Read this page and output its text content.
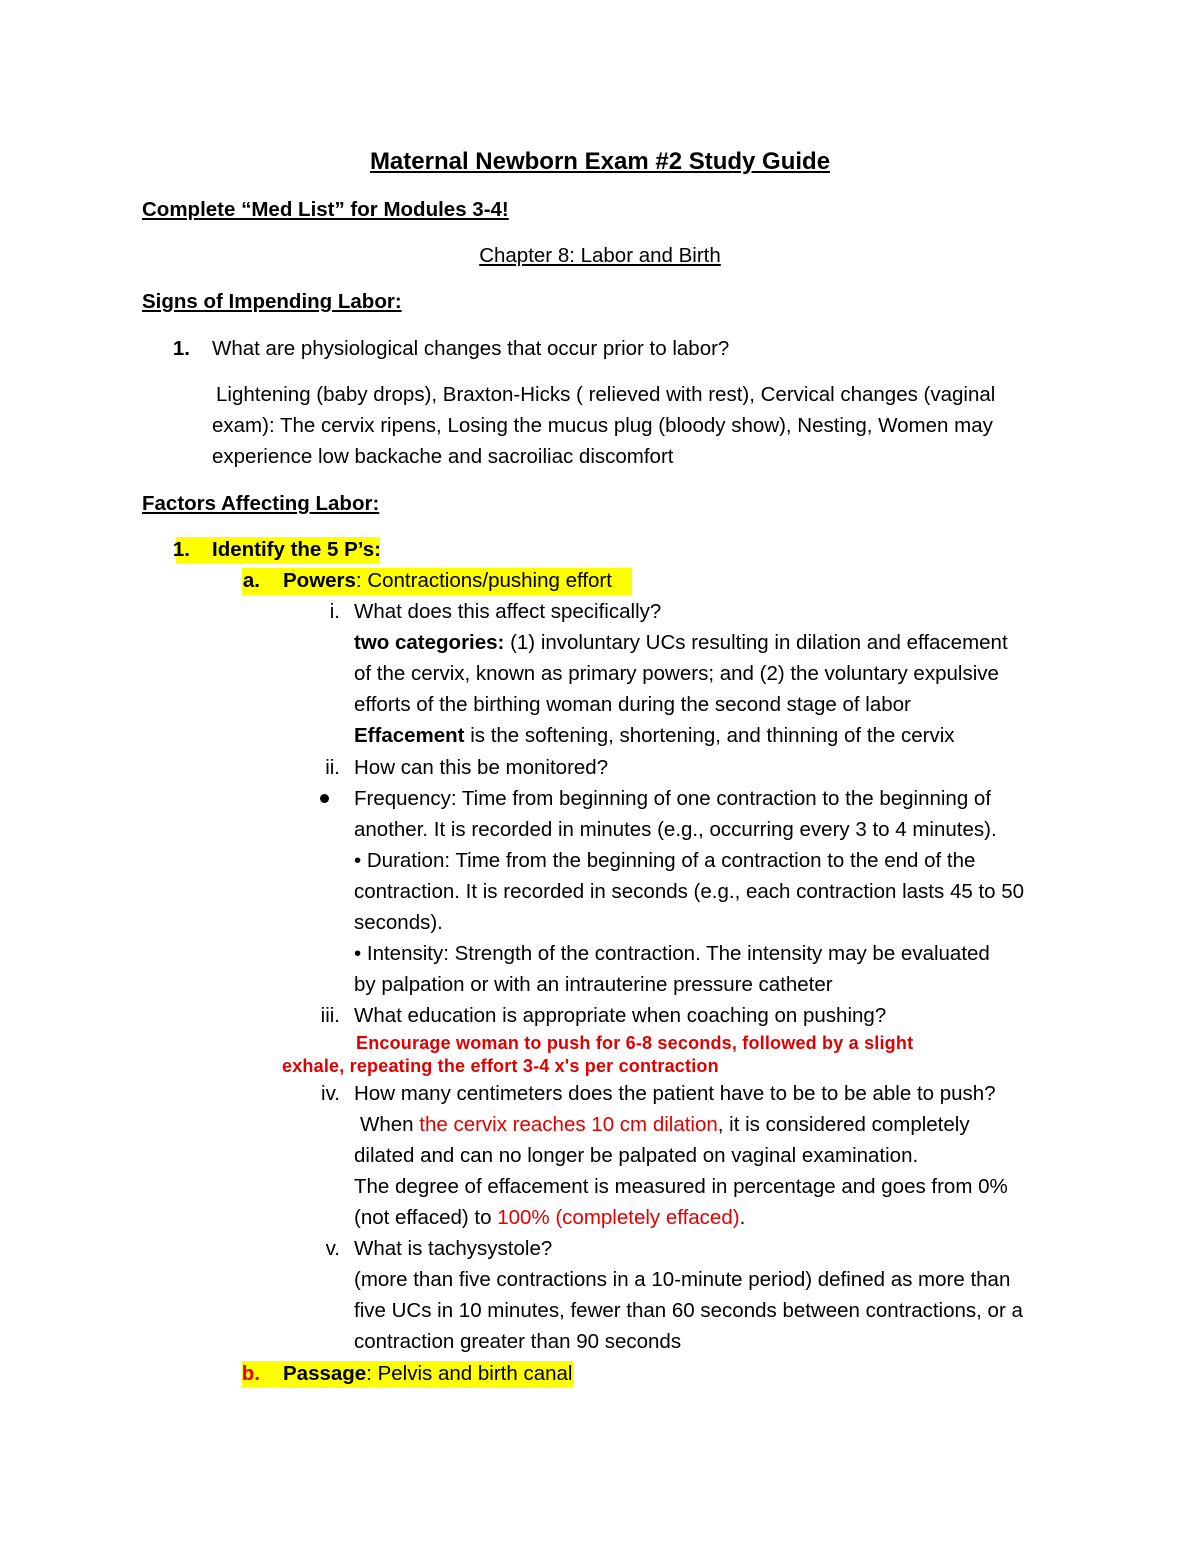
Maternal Newborn Exam #2 Study Guide
Complete “Med List” for Modules 3-4!
Chapter 8: Labor and Birth
Signs of Impending Labor:
1. What are physiological changes that occur prior to labor?
Lightening (baby drops), Braxton-Hicks ( relieved with rest), Cervical changes (vaginal
exam): The cervix ripens, Losing the mucus plug (bloody show), Nesting, Women may
experience low backache and sacroiliac discomfort
Factors Affecting Labor:
1. Identify the 5 P’s:
a. Powers: Contractions/pushing effort
i. What does this affect specifically?
two categories: (1) involuntary UCs resulting in dilation and effacement
of the cervix, known as primary powers; and (2) the voluntary expulsive
efforts of the birthing woman during the second stage of labor
Effacement is the softening, shortening, and thinning of the cervix
ii. How can this be monitored?
Frequency: Time from beginning of one contraction to the beginning of
another. It is recorded in minutes (e.g., occurring every 3 to 4 minutes).
• Duration: Time from the beginning of a contraction to the end of the
contraction. It is recorded in seconds (e.g., each contraction lasts 45 to 50
seconds).
• Intensity: Strength of the contraction. The intensity may be evaluated
by palpation or with an intrauterine pressure catheter
iii. What education is appropriate when coaching on pushing?
Encourage woman to push for 6-8 seconds, followed by a slight
exhale, repeating the effort 3-4 x's per contraction
iv. How many centimeters does the patient have to be to be able to push?
When the cervix reaches 10 cm dilation, it is considered completely
dilated and can no longer be palpated on vaginal examination.
The degree of effacement is measured in percentage and goes from 0%
(not effaced) to 100% (completely effaced).
v. What is tachysystole?
(more than five contractions in a 10-minute period) defined as more than
five UCs in 10 minutes, fewer than 60 seconds between contractions, or a
contraction greater than 90 seconds
b. Passage: Pelvis and birth canal
